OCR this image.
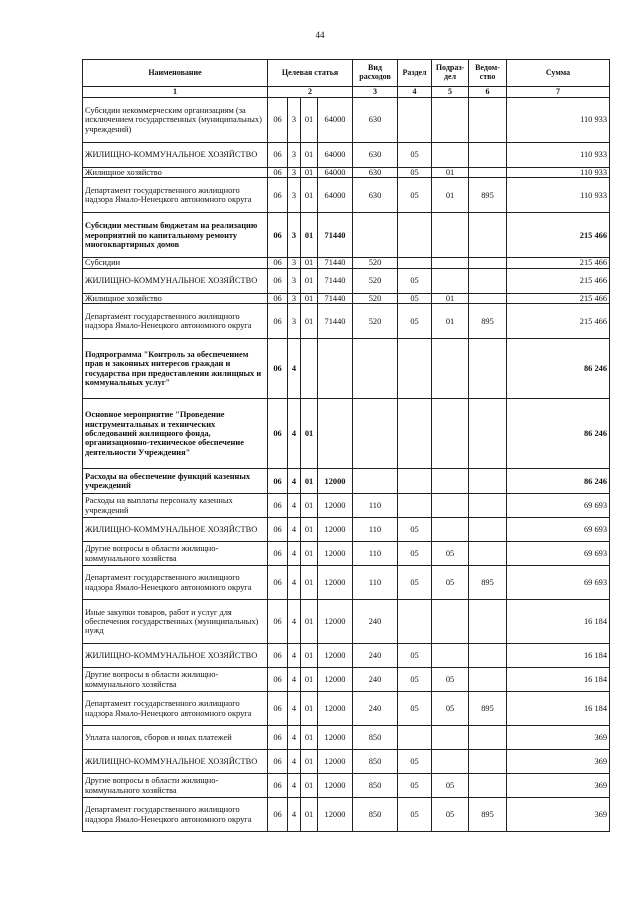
44
Наименование	Целевая статья				Вид расходов	Раздел	Подраз-дел	Ведом-ство	Сумма
1	2				3	4	5	6	7
Субсидии некоммерческим организациям (за исключением государственных (муниципальных) учреждений)	06	3	01	64000	630				110 933
ЖИЛИЩНО-КОММУНАЛЬНОЕ ХОЗЯЙСТВО	06	3	01	64000	630	05			110 933
Жилищное хозяйство	06	3	01	64000	630	05	01		110 933
Департамент государственного жилищного надзора Ямало-Ненецкого автономного округа	06	3	01	64000	630	05	01	895	110 933
Субсидии местным бюджетам на реализацию мероприятий по капитальному ремонту многоквартирных домов	06	3	01	71440					215 466
Субсидии	06	3	01	71440	520				215 466
ЖИЛИЩНО-КОММУНАЛЬНОЕ ХОЗЯЙСТВО	06	3	01	71440	520	05			215 466
Жилищное хозяйство	06	3	01	71440	520	05	01		215 466
Департамент государственного жилищного надзора Ямало-Ненецкого автономного округа	06	3	01	71440	520	05	01	895	215 466
Подпрограмма "Контроль за обеспечением прав и законных интересов граждан и государства при предоставлении жилищных и коммунальных услуг"	06	4							86 246
Основное мероприятие "Проведение инструментальных и технических обследований жилищного фонда, организационно-техническое обеспечение деятельности Учреждения"	06	4	01						86 246
Расходы на обеспечение функций казенных учреждений	06	4	01	12000					86 246
Расходы на выплаты персоналу казенных учреждений	06	4	01	12000	110				69 693
ЖИЛИЩНО-КОММУНАЛЬНОЕ ХОЗЯЙСТВО	06	4	01	12000	110	05			69 693
Другие вопросы в области жилищно-коммунального хозяйства	06	4	01	12000	110	05	05		69 693
Департамент государственного жилищного надзора Ямало-Ненецкого автономного округа	06	4	01	12000	110	05	05	895	69 693
Иные закупки товаров, работ и услуг для обеспечения государственных (муниципальных) нужд	06	4	01	12000	240				16 184
ЖИЛИЩНО-КОММУНАЛЬНОЕ ХОЗЯЙСТВО	06	4	01	12000	240	05			16 184
Другие вопросы в области жилищно-коммунального хозяйства	06	4	01	12000	240	05	05		16 184
Департамент государственного жилищного надзора Ямало-Ненецкого автономного округа	06	4	01	12000	240	05	05	895	16 184
Уплата налогов, сборов и иных платежей	06	4	01	12000	850				369
ЖИЛИЩНО-КОММУНАЛЬНОЕ ХОЗЯЙСТВО	06	4	01	12000	850	05			369
Другие вопросы в области жилищно-коммунального хозяйства	06	4	01	12000	850	05	05		369
Департамент государственного жилищного надзора Ямало-Ненецкого автономного округа	06	4	01	12000	850	05	05	895	369
